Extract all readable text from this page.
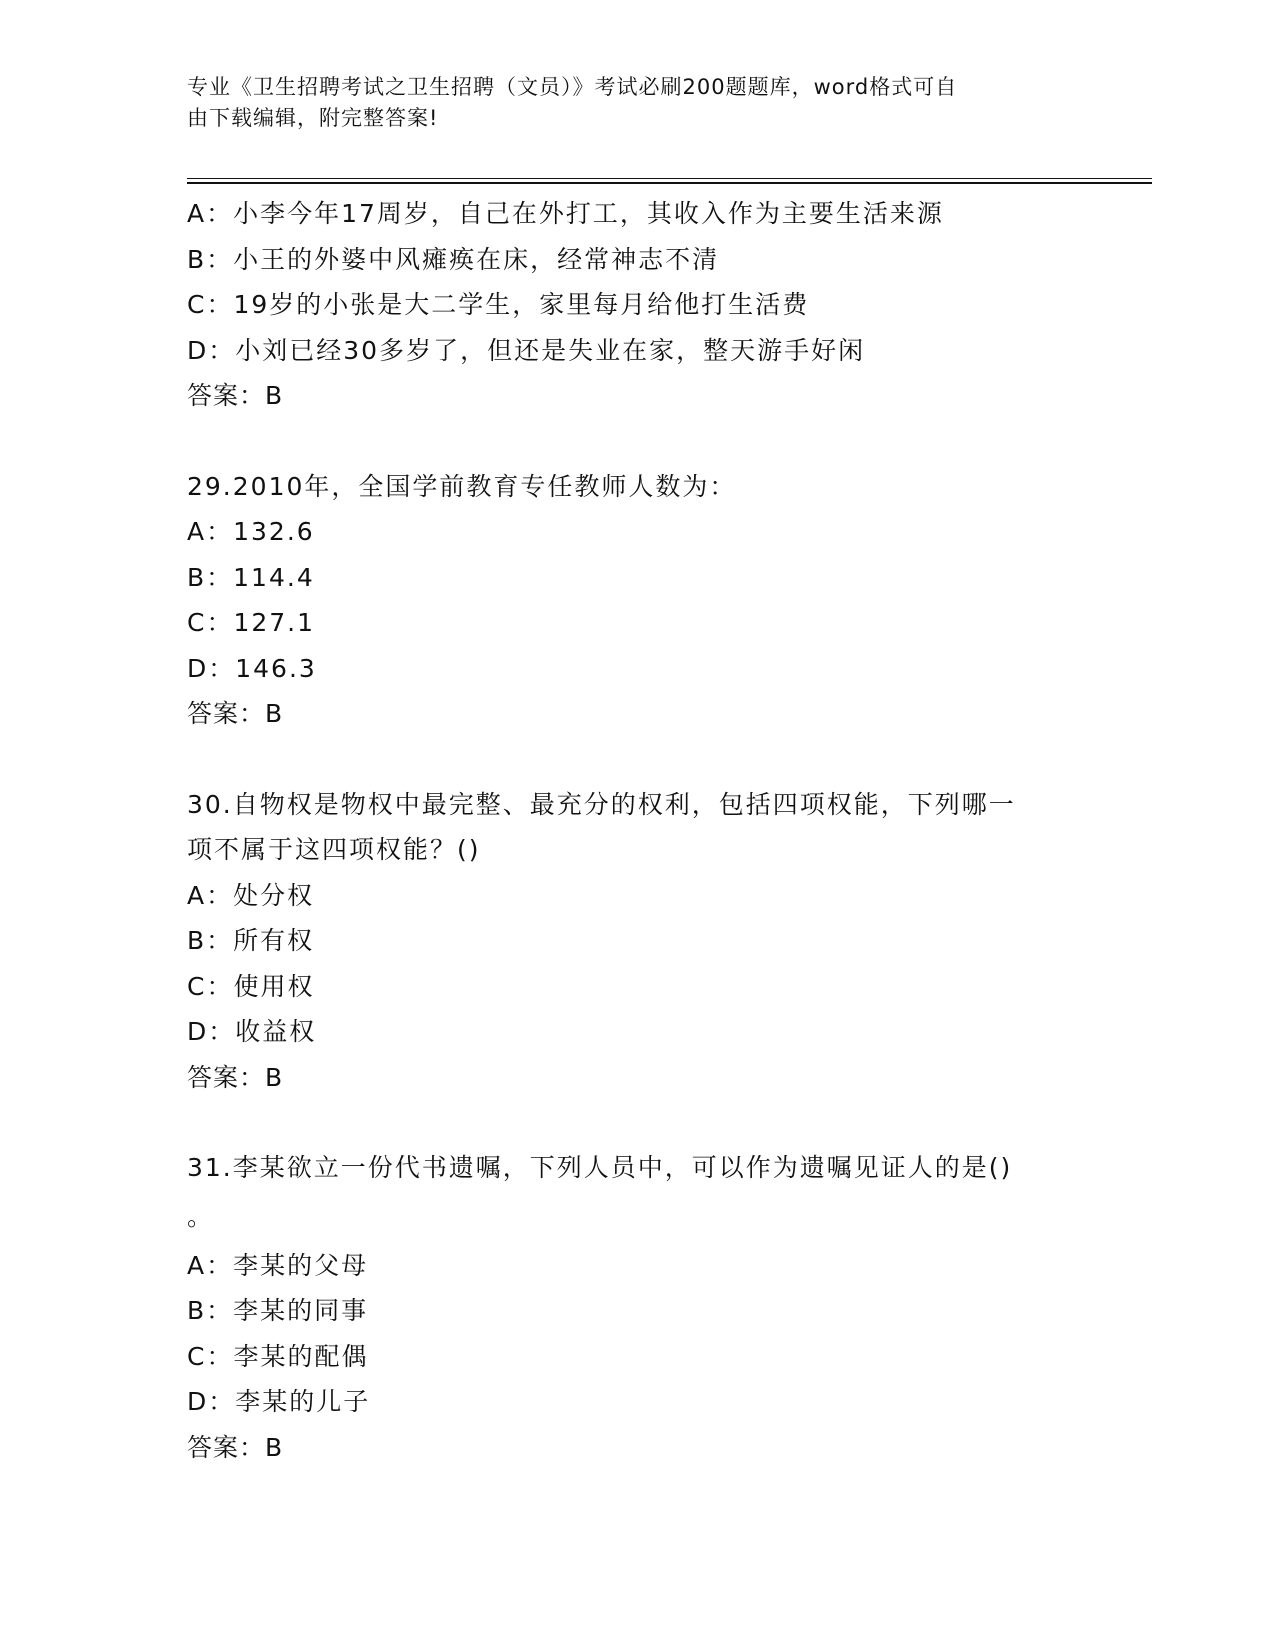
专业《卫生招聘考试之卫生招聘（文员）》考试必刷200题题库，word格式可自
由下载编辑，附完整答案!
A：小李今年17周岁，自己在外打工，其收入作为主要生活来源
B：小王的外婆中风瘫痪在床，经常神志不清
C：19岁的小张是大二学生，家里每月给他打生活费
D：小刘已经30多岁了，但还是失业在家，整天游手好闲
答案：B
29.2010年，全国学前教育专任教师人数为：
A：132.6
B：114.4
C：127.1
D：146.3
答案：B
30.自物权是物权中最完整、最充分的权利，包括四项权能，下列哪一
项不属于这四项权能？()
A：处分权
B：所有权
C：使用权
D：收益权
答案：B
31.李某欲立一份代书遗嘱，下列人员中，可以作为遗嘱见证人的是()
。
A：李某的父母
B：李某的同事
C：李某的配偶
D：李某的儿子
答案：B
